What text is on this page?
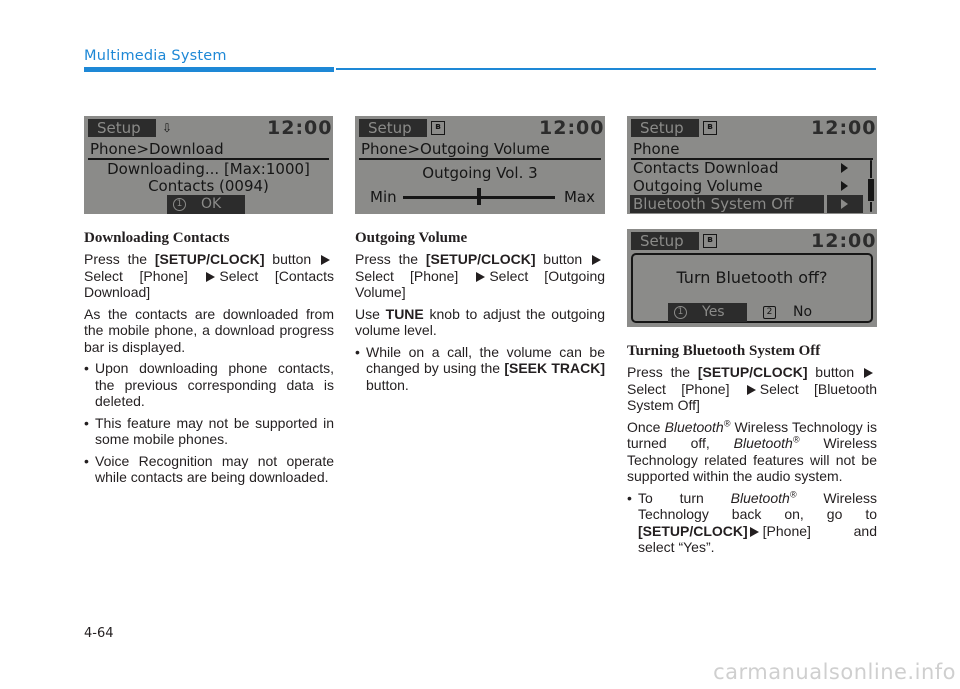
Multimedia System
Setup	⇩	12:00
Phone>Download
Downloading... [Max:1000]
Contacts (0094)
1 OK
Setup	ʙ	12:00
Phone>Outgoing Volume
Outgoing Vol. 3
Min	Max
Setup	ʙ	12:00
Phone
Contacts Download
Outgoing Volume
Bluetooth System Off
Setup	ʙ	12:00
Turn Bluetooth off?
1 Yes	2 No
Downloading Contacts

Press the [SETUP/CLOCK] button Select [Phone] Select [Contacts Download]

As the contacts are downloaded from the mobile phone, a download progress bar is displayed.

• Upon downloading phone contacts, the previous corresponding data is deleted.
• This feature may not be supported in some mobile phones.
• Voice Recognition may not operate while contacts are being downloaded.
Outgoing Volume

Press the [SETUP/CLOCK] button Select [Phone] Select [Outgoing Volume]

Use TUNE knob to adjust the outgoing volume level.

• While on a call, the volume can be changed by using the [SEEK TRACK] button.
Turning Bluetooth System Off

Press the [SETUP/CLOCK] button Select [Phone] Select [Bluetooth System Off]

Once Bluetooth® Wireless Technology is turned off, Bluetooth® Wireless Technology related features will not be supported within the audio system.

• To turn Bluetooth® Wireless Technology back on, go to [SETUP/CLOCK] [Phone] and select “Yes”.
4-64
carmanualsonline.info
